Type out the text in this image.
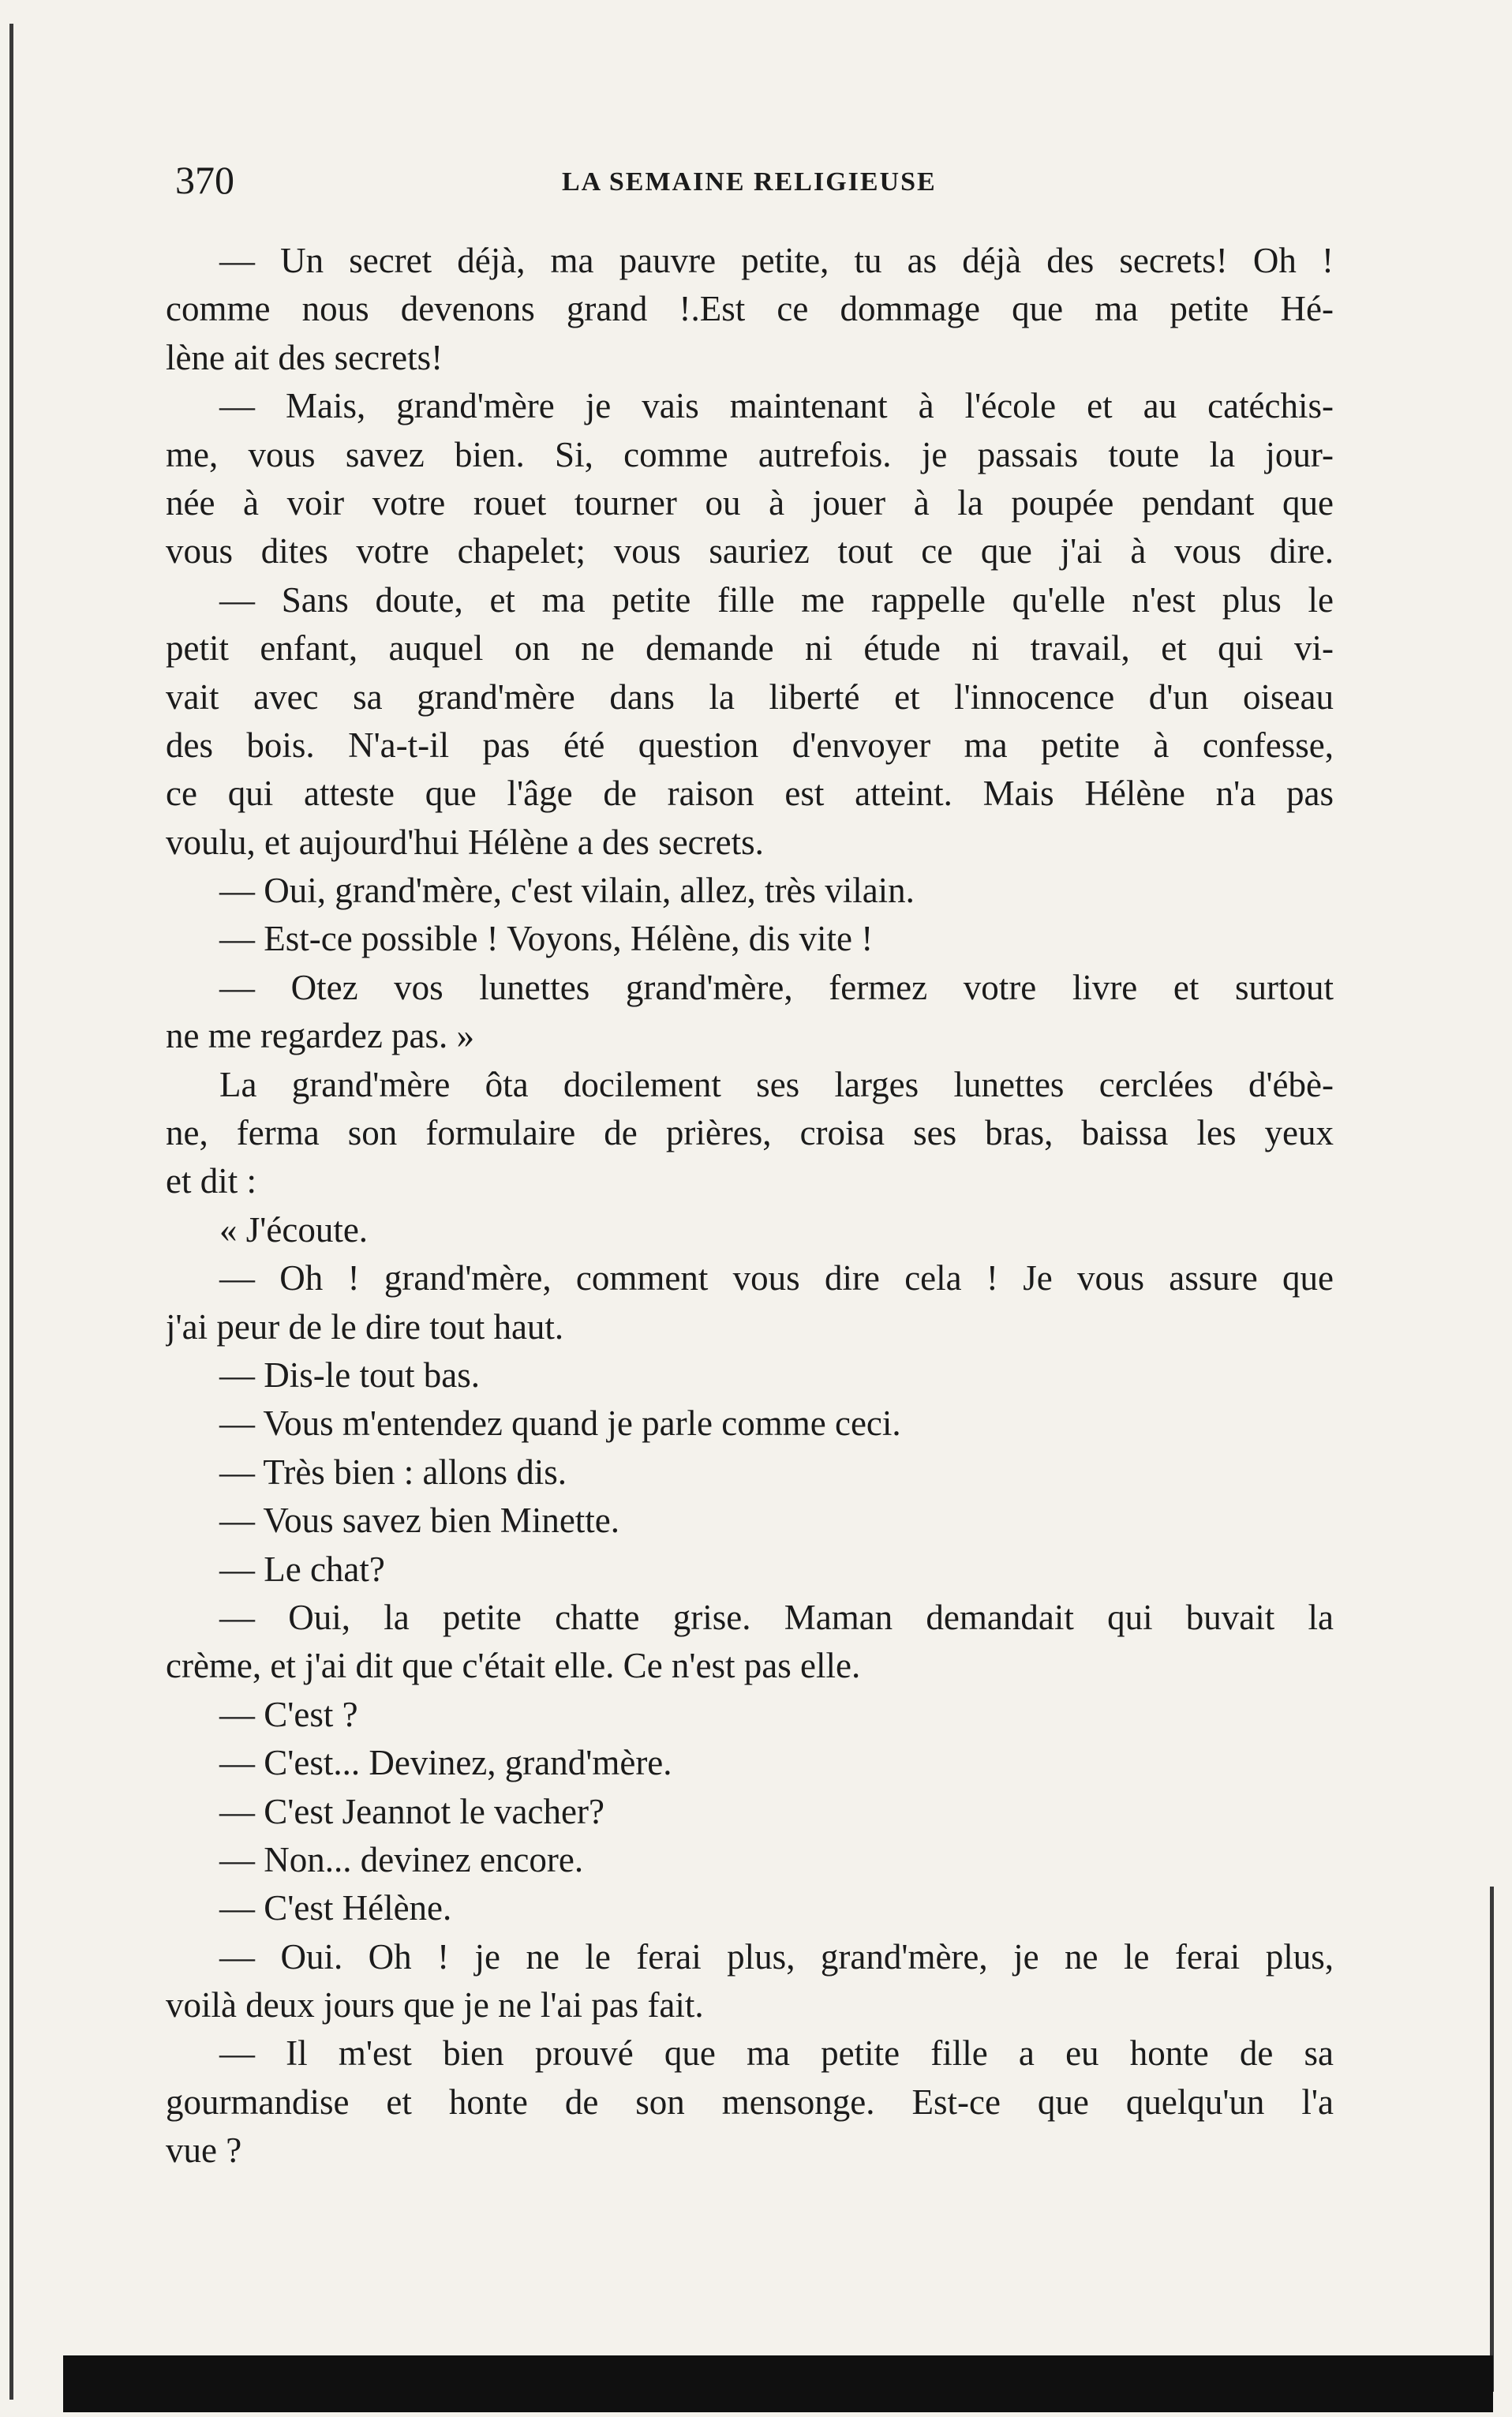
370	LA SEMAINE RELIGIEUSE
— Un secret déjà, ma pauvre petite, tu as déjà des secrets! Oh !
comme nous devenons grand !.Est ce dommage que ma petite Hé-
lène ait des secrets!
— Mais, grand'mère je vais maintenant à l'école et au catéchis-
me, vous savez bien. Si, comme autrefois. je passais toute la jour-
née à voir votre rouet tourner ou à jouer à la poupée pendant que
vous dites votre chapelet; vous sauriez tout ce que j'ai à vous dire.
— Sans doute, et ma petite fille me rappelle qu'elle n'est plus le
petit enfant, auquel on ne demande ni étude ni travail, et qui vi-
vait avec sa grand'mère dans la liberté et l'innocence d'un oiseau
des bois. N'a-t-il pas été question d'envoyer ma petite à confesse,
ce qui atteste que l'âge de raison est atteint. Mais Hélène n'a pas
voulu, et aujourd'hui Hélène a des secrets.
— Oui, grand'mère, c'est vilain, allez, très vilain.
— Est-ce possible ! Voyons, Hélène, dis vite !
— Otez vos lunettes grand'mère, fermez votre livre et surtout
ne me regardez pas. »
La grand'mère ôta docilement ses larges lunettes cerclées d'ébè-
ne, ferma son formulaire de prières, croisa ses bras, baissa les yeux
et dit :
« J'écoute.
— Oh ! grand'mère, comment vous dire cela ! Je vous assure que
j'ai peur de le dire tout haut.
— Dis-le tout bas.
— Vous m'entendez quand je parle comme ceci.
— Très bien : allons dis.
— Vous savez bien Minette.
— Le chat?
— Oui, la petite chatte grise. Maman demandait qui buvait la
crème, et j'ai dit que c'était elle. Ce n'est pas elle.
— C'est ?
— C'est... Devinez, grand'mère.
— C'est Jeannot le vacher?
— Non... devinez encore.
— C'est Hélène.
— Oui. Oh ! je ne le ferai plus, grand'mère, je ne le ferai plus,
voilà deux jours que je ne l'ai pas fait.
— Il m'est bien prouvé que ma petite fille a eu honte de sa
gourmandise et honte de son mensonge. Est-ce que quelqu'un l'a
vue ?
